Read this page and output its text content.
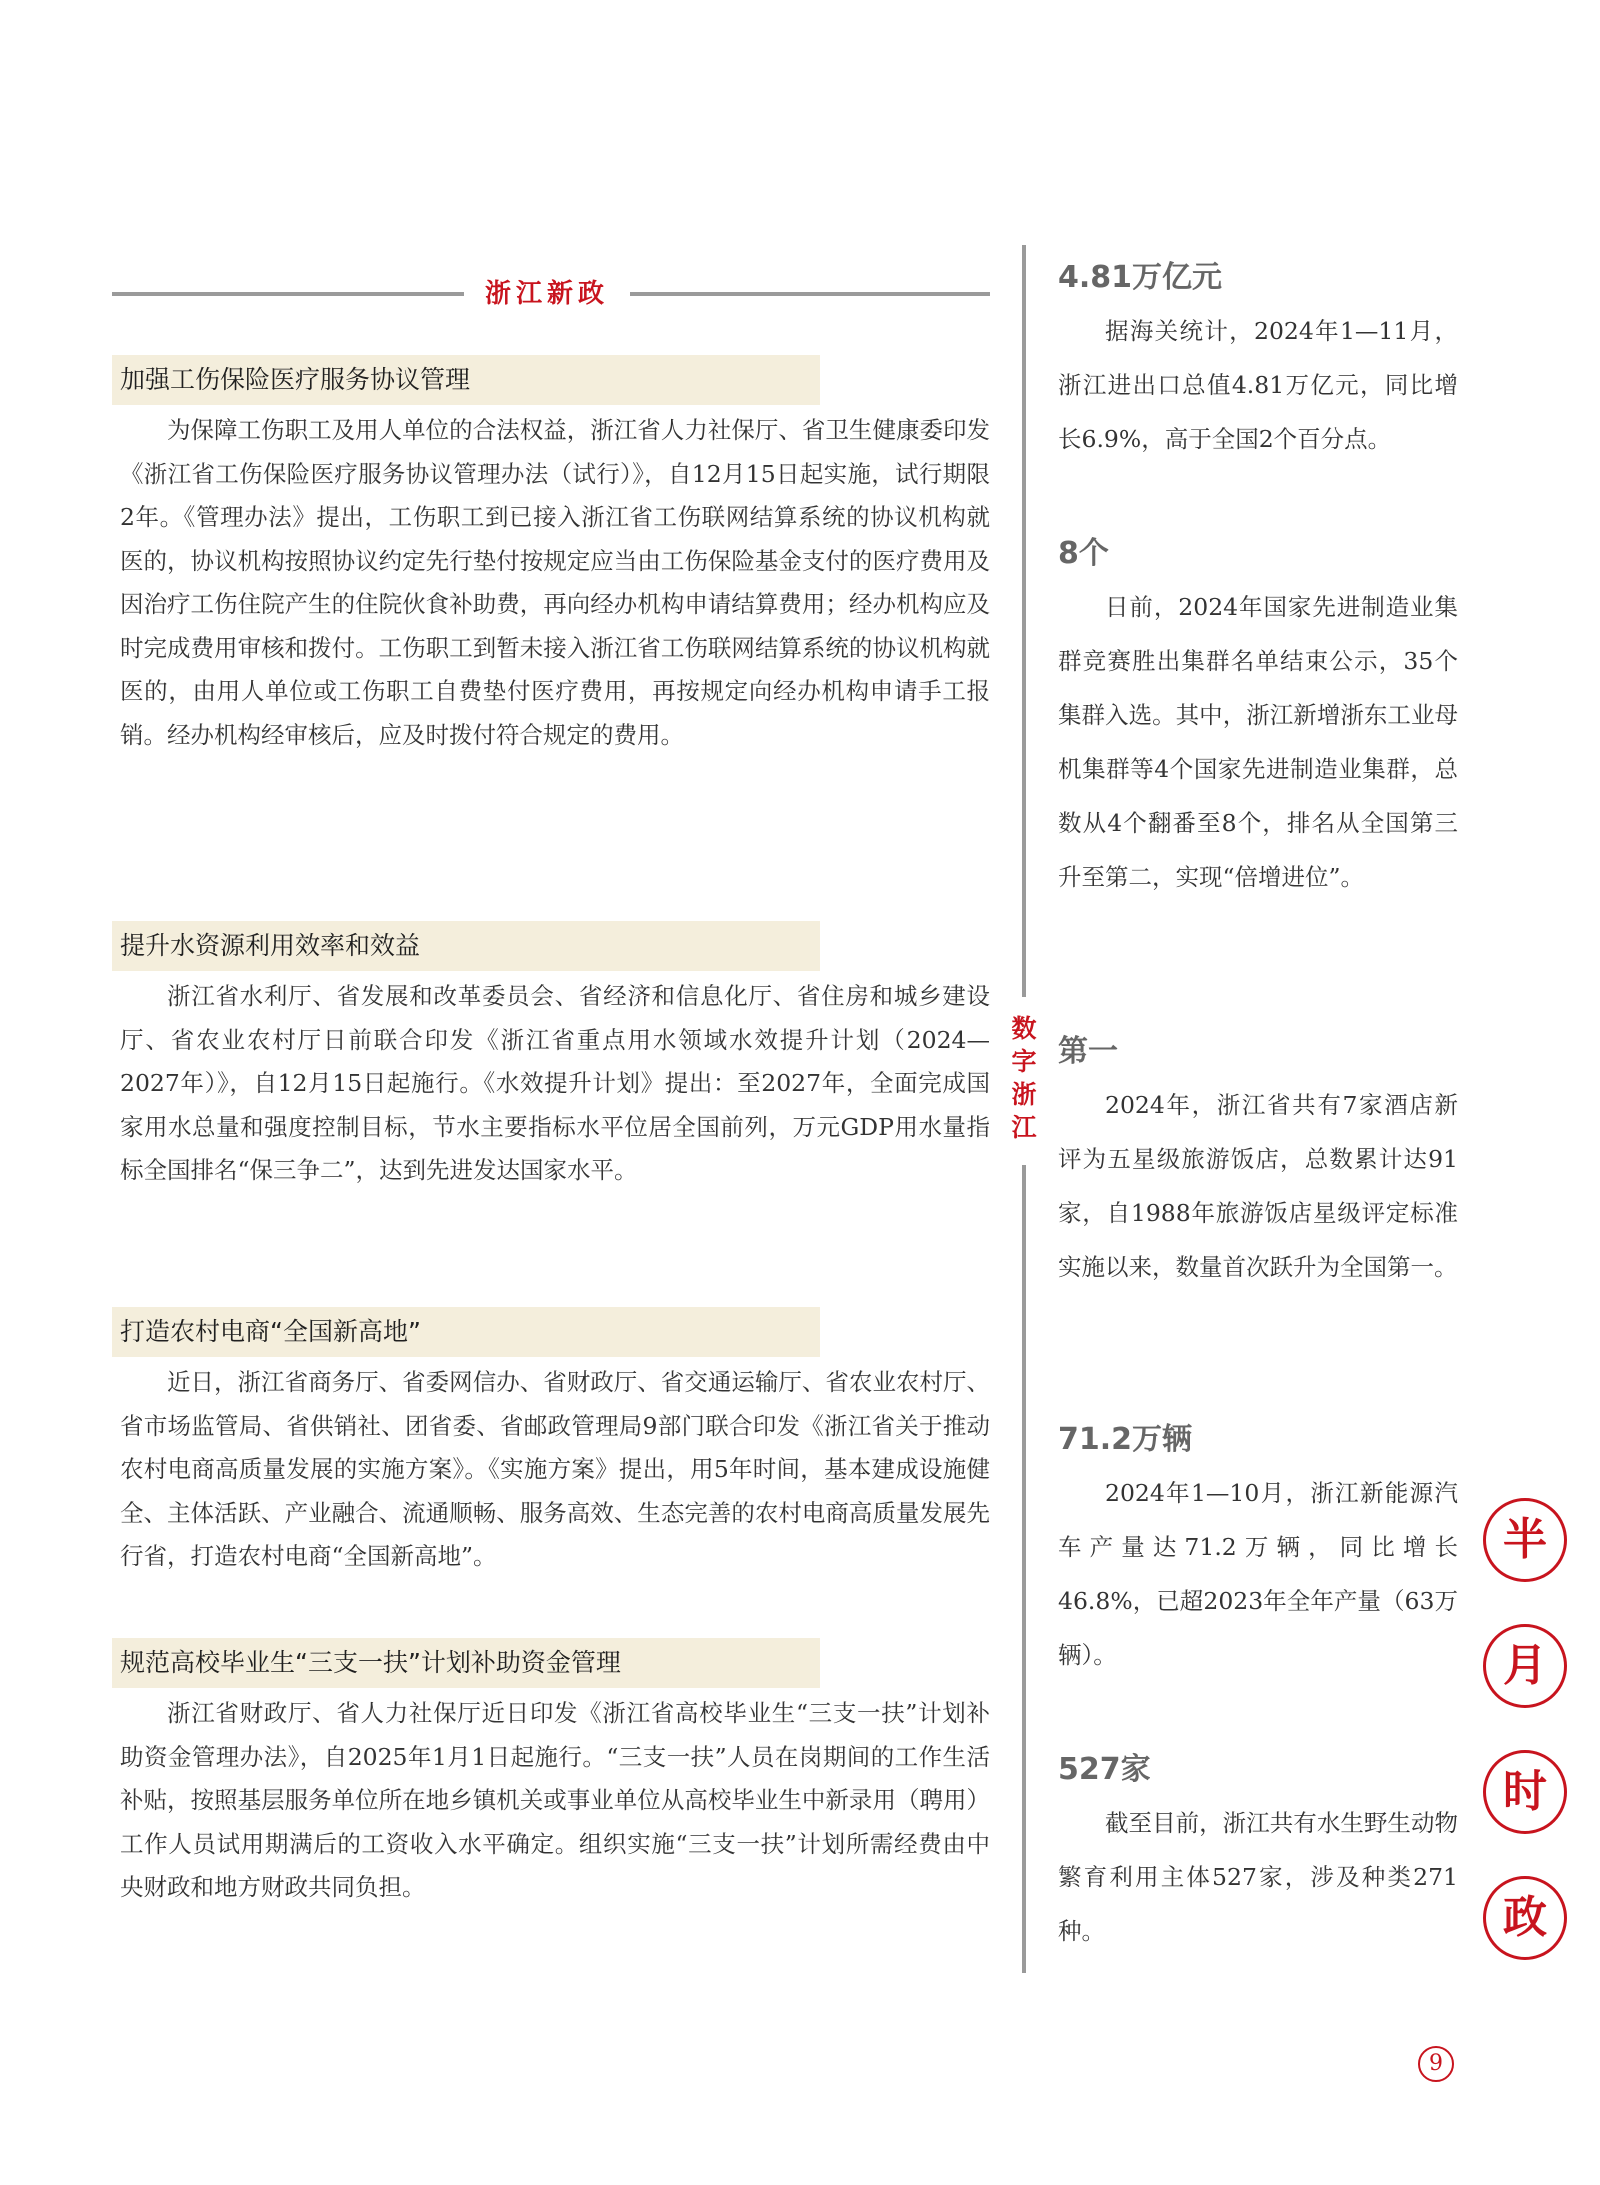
浙江新政
加强工伤保险医疗服务协议管理

为保障工伤职工及用人单位的合法权益，浙江省人力社保厅、省卫生健康委印发《浙江省工伤保险医疗服务协议管理办法（试行）》，自12月15日起实施，试行期限2年。《管理办法》提出，工伤职工到已接入浙江省工伤联网结算系统的协议机构就医的，协议机构按照协议约定先行垫付按规定应当由工伤保险基金支付的医疗费用及因治疗工伤住院产生的住院伙食补助费，再向经办机构申请结算费用；经办机构应及时完成费用审核和拨付。工伤职工到暂未接入浙江省工伤联网结算系统的协议机构就医的，由用人单位或工伤职工自费垫付医疗费用，再按规定向经办机构申请手工报销。经办机构经审核后，应及时拨付符合规定的费用。

提升水资源利用效率和效益

浙江省水利厅、省发展和改革委员会、省经济和信息化厅、省住房和城乡建设厅、省农业农村厅日前联合印发《浙江省重点用水领域水效提升计划（2024—2027年）》，自12月15日起施行。《水效提升计划》提出：至2027年，全面完成国家用水总量和强度控制目标，节水主要指标水平位居全国前列，万元GDP用水量指标全国排名“保三争二”，达到先进发达国家水平。

打造农村电商“全国新高地”

近日，浙江省商务厅、省委网信办、省财政厅、省交通运输厅、省农业农村厅、省市场监管局、省供销社、团省委、省邮政管理局9部门联合印发《浙江省关于推动农村电商高质量发展的实施方案》。《实施方案》提出，用5年时间，基本建成设施健全、主体活跃、产业融合、流通顺畅、服务高效、生态完善的农村电商高质量发展先行省，打造农村电商“全国新高地”。

规范高校毕业生“三支一扶”计划补助资金管理

浙江省财政厅、省人力社保厅近日印发《浙江省高校毕业生“三支一扶”计划补助资金管理办法》，自2025年1月1日起施行。“三支一扶”人员在岗期间的工作生活补贴，按照基层服务单位所在地乡镇机关或事业单位从高校毕业生中新录用（聘用）工作人员试用期满后的工资收入水平确定。组织实施“三支一扶”计划所需经费由中央财政和地方财政共同负担。

数
字
浙
江
4.81万亿元

据海关统计，2024年1—11月，浙江进出口总值4.81万亿元，同比增长6.9%，高于全国2个百分点。

8个

日前，2024年国家先进制造业集群竞赛胜出集群名单结束公示，35个集群入选。其中，浙江新增浙东工业母机集群等4个国家先进制造业集群，总数从4个翻番至8个，排名从全国第三升至第二，实现“倍增进位”。

第一

2024年，浙江省共有7家酒店新评为五星级旅游饭店，总数累计达91家，自1988年旅游饭店星级评定标准实施以来，数量首次跃升为全国第一。

71.2万辆

2024年1—10月，浙江新能源汽车产量达71.2万辆，同比增长46.8%，已超2023年全年产量（63万辆）。

527家

截至目前，浙江共有水生野生动物繁育利用主体527家，涉及种类271种。

半
月
时
政
9
